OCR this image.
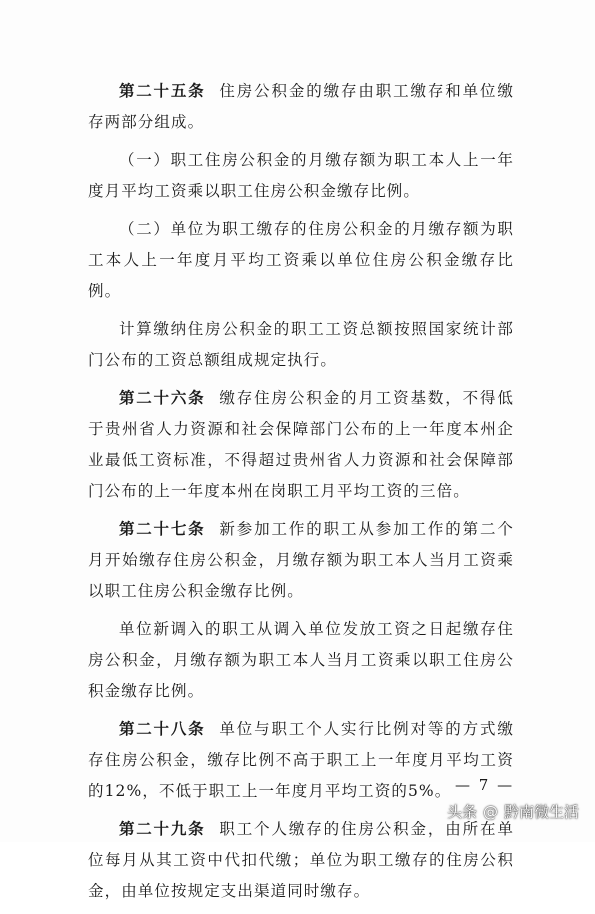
第二十五条 住房公积金的缴存由职工缴存和单位缴存两部分组成。

（一）职工住房公积金的月缴存额为职工本人上一年度月平均工资乘以职工住房公积金缴存比例。

（二）单位为职工缴存的住房公积金的月缴存额为职工本人上一年度月平均工资乘以单位住房公积金缴存比例。

计算缴纳住房公积金的职工工资总额按照国家统计部门公布的工资总额组成规定执行。

第二十六条 缴存住房公积金的月工资基数，不得低于贵州省人力资源和社会保障部门公布的上一年度本州企业最低工资标准，不得超过贵州省人力资源和社会保障部门公布的上一年度本州在岗职工月平均工资的三倍。

第二十七条 新参加工作的职工从参加工作的第二个月开始缴存住房公积金，月缴存额为职工本人当月工资乘以职工住房公积金缴存比例。

单位新调入的职工从调入单位发放工资之日起缴存住房公积金，月缴存额为职工本人当月工资乘以职工住房公积金缴存比例。

第二十八条 单位与职工个人实行比例对等的方式缴存住房公积金，缴存比例不高于职工上一年度月平均工资的12%，不低于职工上一年度月平均工资的5%。

第二十九条 职工个人缴存的住房公积金，由所在单位每月从其工资中代扣代缴；单位为职工缴存的住房公积金，由单位按规定支出渠道同时缴存。

— 7 —
头条 @ 黔南微生活
